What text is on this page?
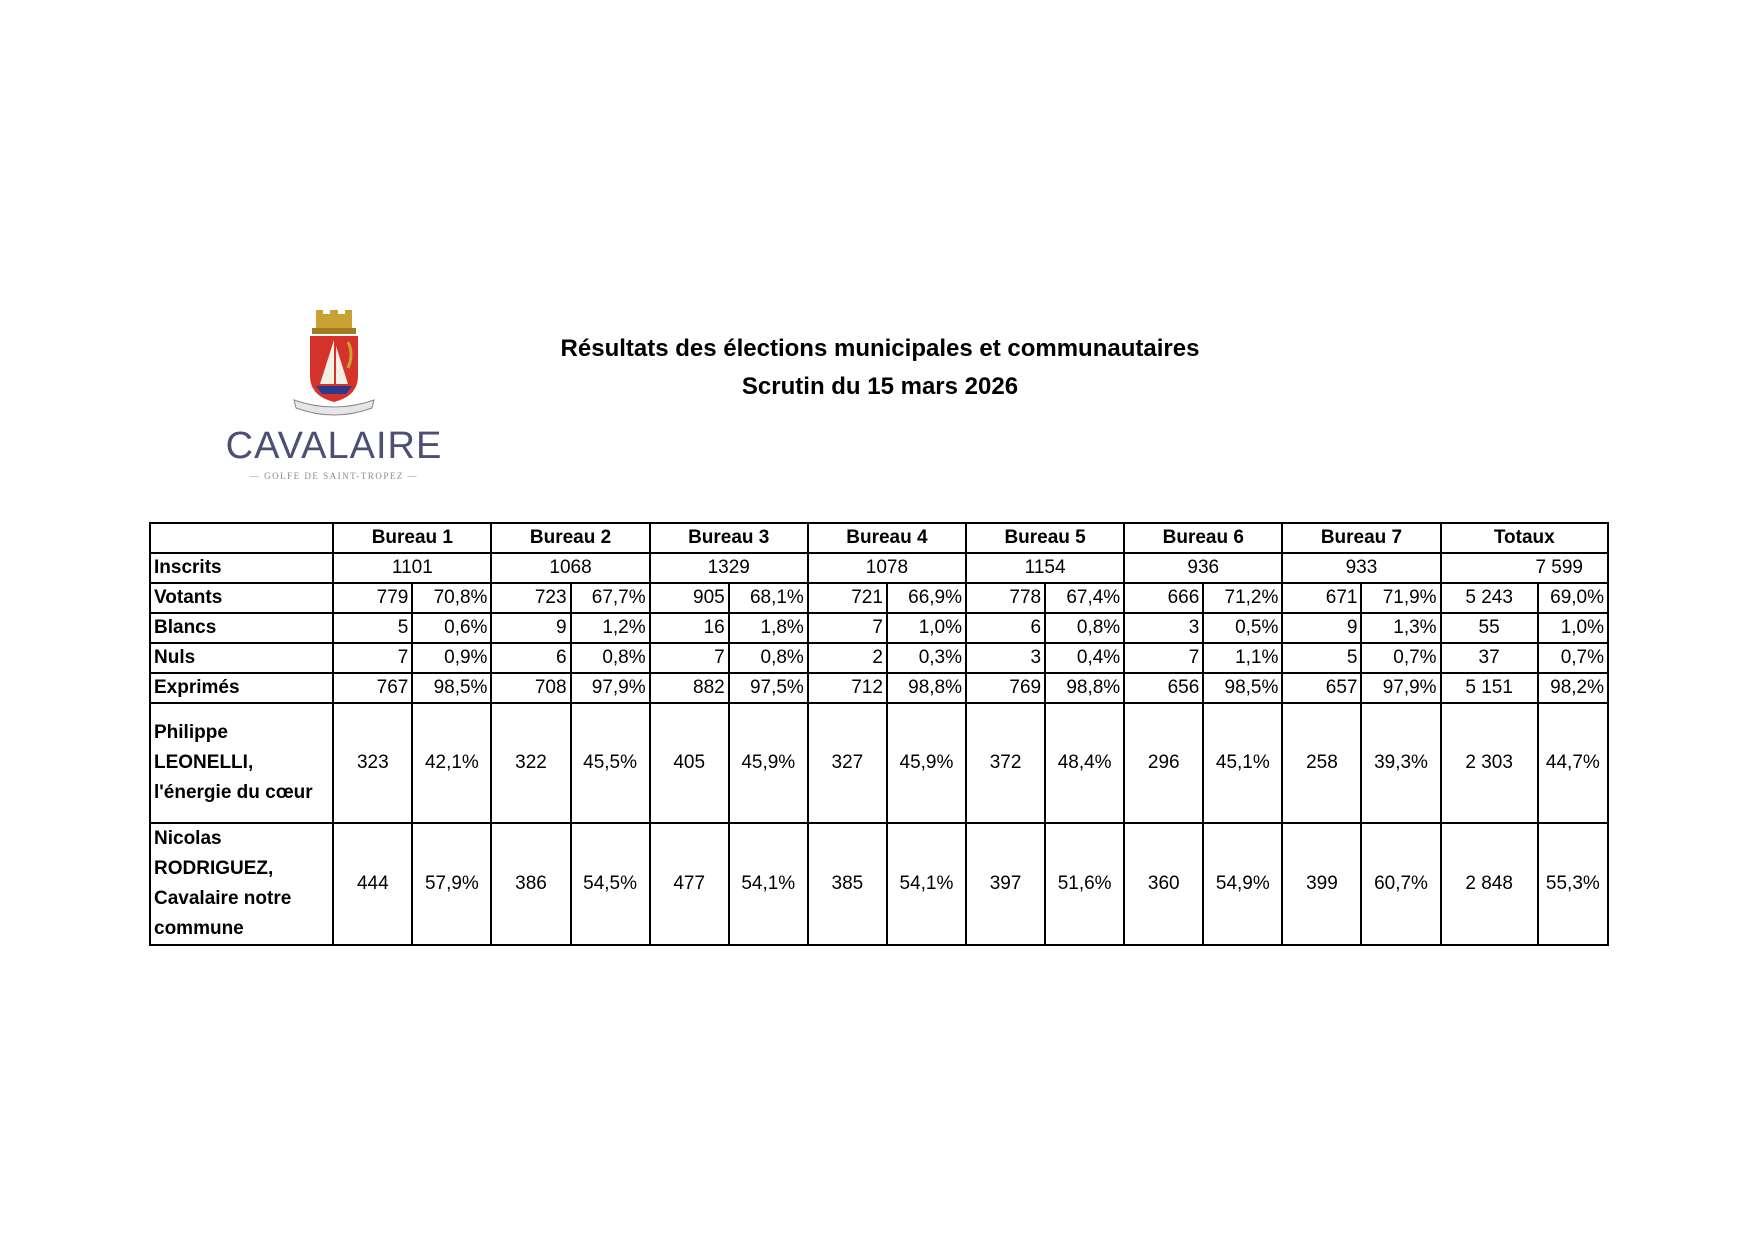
CAVALAIRE
— GOLFE DE SAINT-TROPEZ —
Résultats des élections municipales et communautaires
Scrutin du 15 mars 2026
	Bureau 1		Bureau 2		Bureau 3		Bureau 4		Bureau 5		Bureau 6		Bureau 7		Totaux	
Inscrits	1101		1068		1329		1078		1154		936		933		7 599	
Votants	779	70,8%	723	67,7%	905	68,1%	721	66,9%	778	67,4%	666	71,2%	671	71,9%	5 243	69,0%
Blancs	5	0,6%	9	1,2%	16	1,8%	7	1,0%	6	0,8%	3	0,5%	9	1,3%	55	1,0%
Nuls	7	0,9%	6	0,8%	7	0,8%	2	0,3%	3	0,4%	7	1,1%	5	0,7%	37	0,7%
Exprimés	767	98,5%	708	97,9%	882	97,5%	712	98,8%	769	98,8%	656	98,5%	657	97,9%	5 151	98,2%

Philippe
LEONELLI,
l'énergie du cœur	323	42,1%	322	45,5%	405	45,9%	327	45,9%	372	48,4%	296	45,1%	258	39,3%	2 303	44,7%

Nicolas
RODRIGUEZ,
Cavalaire notre
commune	444	57,9%	386	54,5%	477	54,1%	385	54,1%	397	51,6%	360	54,9%	399	60,7%	2 848	55,3%
